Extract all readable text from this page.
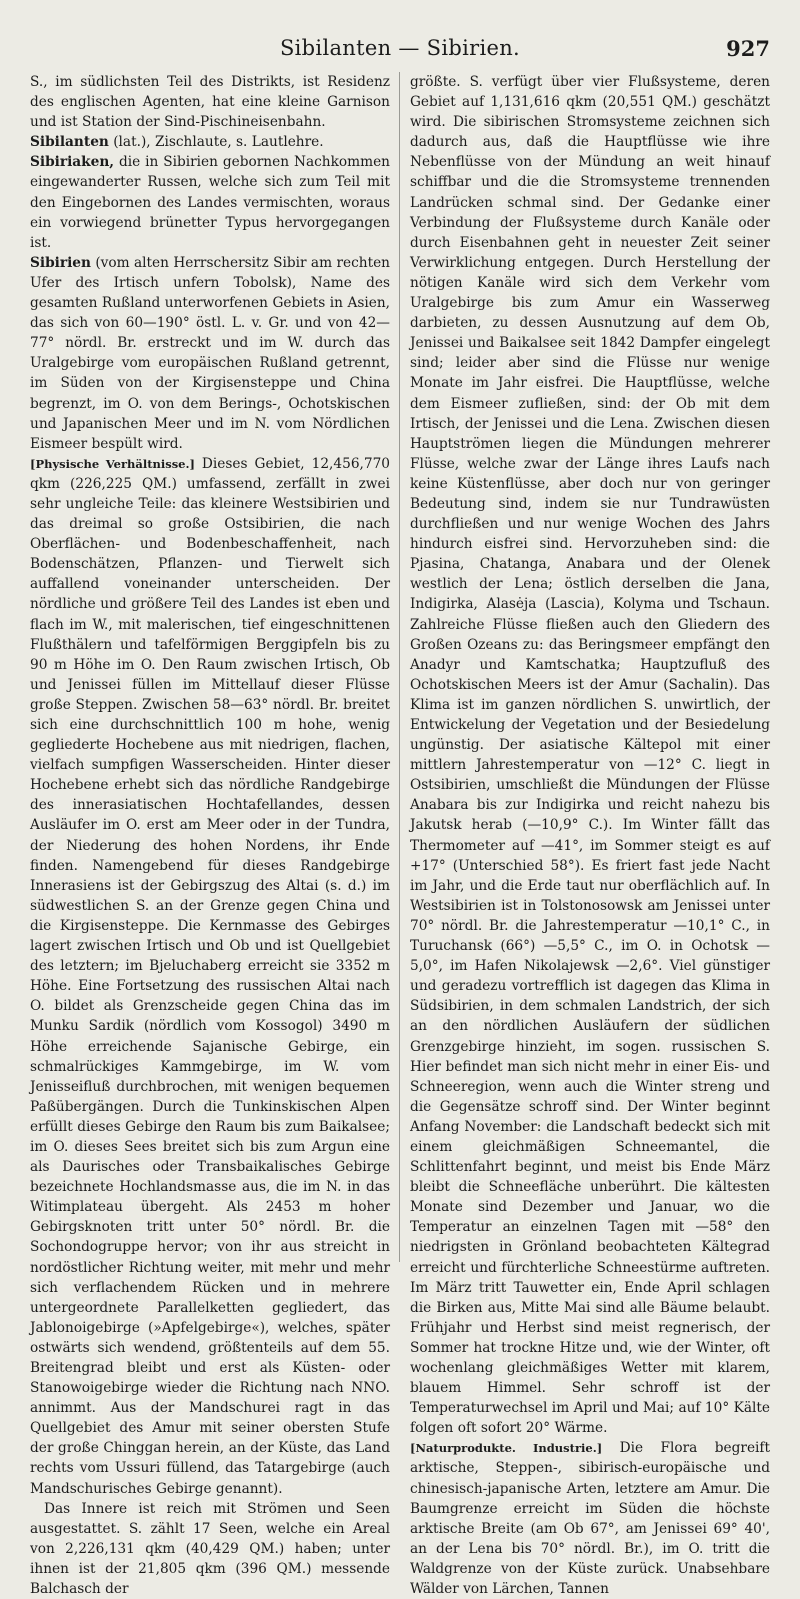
Sibilanten — Sibirien.	927

S., im südlichsten Teil des Distrikts, ist Residenz des englischen Agenten, hat eine kleine Garnison und ist Station der Sind-Pischineisenbahn.

Sibilanten (lat.), Zischlaute, s. Lautlehre.

Sibiriaken, die in Sibirien gebornen Nachkommen eingewanderter Russen, welche sich zum Teil mit den Eingebornen des Landes vermischten, woraus ein vorwiegend brünetter Typus hervorgegangen ist.

Sibirien (vom alten Herrschersitz Sibir am rechten Ufer des Irtisch unfern Tobolsk), Name des gesamten Rußland unterworfenen Gebiets in Asien, das sich von 60—190° östl. L. v. Gr. und von 42—77° nördl. Br. erstreckt und im W. durch das Uralgebirge vom europäischen Rußland getrennt, im Süden von der Kirgisensteppe und China begrenzt, im O. von dem Berings-, Ochotskischen und Japanischen Meer und im N. vom Nördlichen Eismeer bespült wird.

[Physische Verhältnisse.] Dieses Gebiet, 12,456,770 qkm (226,225 QM.) umfassend, zerfällt in zwei sehr ungleiche Teile: das kleinere Westsibirien und das dreimal so große Ostsibirien, die nach Oberflächen- und Bodenbeschaffenheit, nach Bodenschätzen, Pflanzen- und Tierwelt sich auffallend voneinander unterscheiden. Der nördliche und größere Teil des Landes ist eben und flach im W., mit malerischen, tief eingeschnittenen Flußthälern und tafelförmigen Berggipfeln bis zu 90 m Höhe im O. Den Raum zwischen Irtisch, Ob und Jenissei füllen im Mittellauf dieser Flüsse große Steppen. Zwischen 58—63° nördl. Br. breitet sich eine durchschnittlich 100 m hohe, wenig gegliederte Hochebene aus mit niedrigen, flachen, vielfach sumpfigen Wasserscheiden. Hinter dieser Hochebene erhebt sich das nördliche Randgebirge des innerasiatischen Hochtafellandes, dessen Ausläufer im O. erst am Meer oder in der Tundra, der Niederung des hohen Nordens, ihr Ende finden. Namengebend für dieses Randgebirge Innerasiens ist der Gebirgszug des Altai (s. d.) im südwestlichen S. an der Grenze gegen China und die Kirgisensteppe. Die Kernmasse des Gebirges lagert zwischen Irtisch und Ob und ist Quellgebiet des letztern; im Bjeluchaberg erreicht sie 3352 m Höhe. Eine Fortsetzung des russischen Altai nach O. bildet als Grenzscheide gegen China das im Munku Sardik (nördlich vom Kossogol) 3490 m Höhe erreichende Sajanische Gebirge, ein schmalrückiges Kammgebirge, im W. vom Jenisseifluß durchbrochen, mit wenigen bequemen Paßübergängen. Durch die Tunkinskischen Alpen erfüllt dieses Gebirge den Raum bis zum Baikalsee; im O. dieses Sees breitet sich bis zum Argun eine als Daurisches oder Transbaikalisches Gebirge bezeichnete Hochlandsmasse aus, die im N. in das Witimplateau übergeht. Als 2453 m hoher Gebirgsknoten tritt unter 50° nördl. Br. die Sochondogruppe hervor; von ihr aus streicht in nordöstlicher Richtung weiter, mit mehr und mehr sich verflachendem Rücken und in mehrere untergeordnete Parallelketten gegliedert, das Jablonoigebirge (»Apfelgebirge«), welches, später ostwärts sich wendend, größtenteils auf dem 55. Breitengrad bleibt und erst als Küsten- oder Stanowoigebirge wieder die Richtung nach NNO. annimmt. Aus der Mandschurei ragt in das Quellgebiet des Amur mit seiner obersten Stufe der große Chinggan herein, an der Küste, das Land rechts vom Ussuri füllend, das Tatargebirge (auch Mandschurisches Gebirge genannt).

Das Innere ist reich mit Strömen und Seen ausgestattet. S. zählt 17 Seen, welche ein Areal von 2,226,131 qkm (40,429 QM.) haben; unter ihnen ist der 21,805 qkm (396 QM.) messende Balchasch der

größte. S. verfügt über vier Flußsysteme, deren Gebiet auf 1,131,616 qkm (20,551 QM.) geschätzt wird. Die sibirischen Stromsysteme zeichnen sich dadurch aus, daß die Hauptflüsse wie ihre Nebenflüsse von der Mündung an weit hinauf schiffbar und die die Stromsysteme trennenden Landrücken schmal sind. Der Gedanke einer Verbindung der Flußsysteme durch Kanäle oder durch Eisenbahnen geht in neuester Zeit seiner Verwirklichung entgegen. Durch Herstellung der nötigen Kanäle wird sich dem Verkehr vom Uralgebirge bis zum Amur ein Wasserweg darbieten, zu dessen Ausnutzung auf dem Ob, Jenissei und Baikalsee seit 1842 Dampfer eingelegt sind; leider aber sind die Flüsse nur wenige Monate im Jahr eisfrei. Die Hauptflüsse, welche dem Eismeer zufließen, sind: der Ob mit dem Irtisch, der Jenissei und die Lena. Zwischen diesen Hauptströmen liegen die Mündungen mehrerer Flüsse, welche zwar der Länge ihres Laufs nach keine Küstenflüsse, aber doch nur von geringer Bedeutung sind, indem sie nur Tundrawüsten durchfließen und nur wenige Wochen des Jahrs hindurch eisfrei sind. Hervorzuheben sind: die Pjasina, Chatanga, Anabara und der Olenek westlich der Lena; östlich derselben die Jana, Indigirka, Alasėja (Lascia), Kolyma und Tschaun. Zahlreiche Flüsse fließen auch den Gliedern des Großen Ozeans zu: das Beringsmeer empfängt den Anadyr und Kamtschatka; Hauptzufluß des Ochotskischen Meers ist der Amur (Sachalin). Das Klima ist im ganzen nördlichen S. unwirtlich, der Entwickelung der Vegetation und der Besiedelung ungünstig. Der asiatische Kältepol mit einer mittlern Jahrestemperatur von —12° C. liegt in Ostsibirien, umschließt die Mündungen der Flüsse Anabara bis zur Indigirka und reicht nahezu bis Jakutsk herab (—10,9° C.). Im Winter fällt das Thermometer auf —41°, im Sommer steigt es auf +17° (Unterschied 58°). Es friert fast jede Nacht im Jahr, und die Erde taut nur oberflächlich auf. In Westsibirien ist in Tolstonosowsk am Jenissei unter 70° nördl. Br. die Jahrestemperatur —10,1° C., in Turuchansk (66°) —5,5° C., im O. in Ochotsk —5,0°, im Hafen Nikolajewsk —2,6°. Viel günstiger und geradezu vortrefflich ist dagegen das Klima in Südsibirien, in dem schmalen Landstrich, der sich an den nördlichen Ausläufern der südlichen Grenzgebirge hinzieht, im sogen. russischen S. Hier befindet man sich nicht mehr in einer Eis- und Schneeregion, wenn auch die Winter streng und die Gegensätze schroff sind. Der Winter beginnt Anfang November: die Landschaft bedeckt sich mit einem gleichmäßigen Schneemantel, die Schlittenfahrt beginnt, und meist bis Ende März bleibt die Schneefläche unberührt. Die kältesten Monate sind Dezember und Januar, wo die Temperatur an einzelnen Tagen mit —58° den niedrigsten in Grönland beobachteten Kältegrad erreicht und fürchterliche Schneestürme auftreten. Im März tritt Tauwetter ein, Ende April schlagen die Birken aus, Mitte Mai sind alle Bäume belaubt. Frühjahr und Herbst sind meist regnerisch, der Sommer hat trockne Hitze und, wie der Winter, oft wochenlang gleichmäßiges Wetter mit klarem, blauem Himmel. Sehr schroff ist der Temperaturwechsel im April und Mai; auf 10° Kälte folgen oft sofort 20° Wärme.

[Naturprodukte. Industrie.] Die Flora begreift arktische, Steppen-, sibirisch-europäische und chinesisch-japanische Arten, letztere am Amur. Die Baumgrenze erreicht im Süden die höchste arktische Breite (am Ob 67°, am Jenissei 69° 40', an der Lena bis 70° nördl. Br.), im O. tritt die Waldgrenze von der Küste zurück. Unabsehbare Wälder von Lärchen, Tannen
